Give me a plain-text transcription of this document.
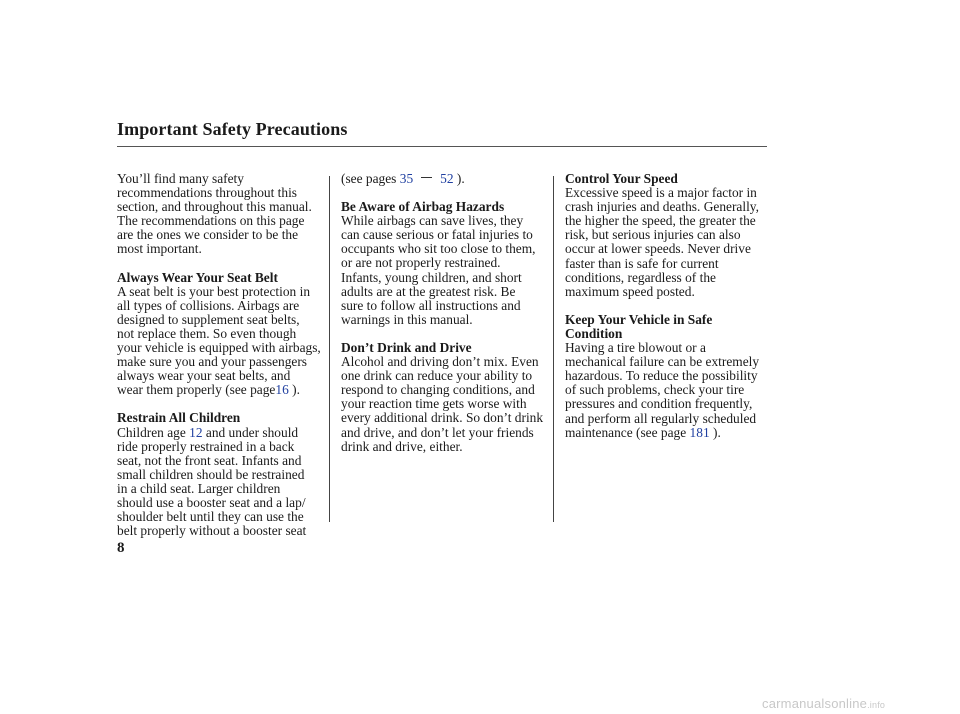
Important Safety Precautions
You’ll find many safety
recommendations throughout this
section, and throughout this manual.
The recommendations on this page
are the ones we consider to be the
most important.
Always Wear Your Seat Belt
A seat belt is your best protection in
all types of collisions. Airbags are
designed to supplement seat belts,
not replace them. So even though
your vehicle is equipped with airbags,
make sure you and your passengers
always wear your seat belts, and
wear them properly (see page16 ).
Restrain All Children
Children age 12 and under should
ride properly restrained in a back
seat, not the front seat. Infants and
small children should be restrained
in a child seat. Larger children
should use a booster seat and a lap/
shoulder belt until they can use the
belt properly without a booster seat
(see pages 35 52 ).
Be Aware of Airbag Hazards
While airbags can save lives, they
can cause serious or fatal injuries to
occupants who sit too close to them,
or are not properly restrained.
Infants, young children, and short
adults are at the greatest risk. Be
sure to follow all instructions and
warnings in this manual.
Don’t Drink and Drive
Alcohol and driving don’t mix. Even
one drink can reduce your ability to
respond to changing conditions, and
your reaction time gets worse with
every additional drink. So don’t drink
and drive, and don’t let your friends
drink and drive, either.
Control Your Speed
Excessive speed is a major factor in
crash injuries and deaths. Generally,
the higher the speed, the greater the
risk, but serious injuries can also
occur at lower speeds. Never drive
faster than is safe for current
conditions, regardless of the
maximum speed posted.
Keep Your Vehicle in Safe
Condition
Having a tire blowout or a
mechanical failure can be extremely
hazardous. To reduce the possibility
of such problems, check your tire
pressures and condition frequently,
and perform all regularly scheduled
maintenance (see page 181 ).
8
carmanualsonline.info
